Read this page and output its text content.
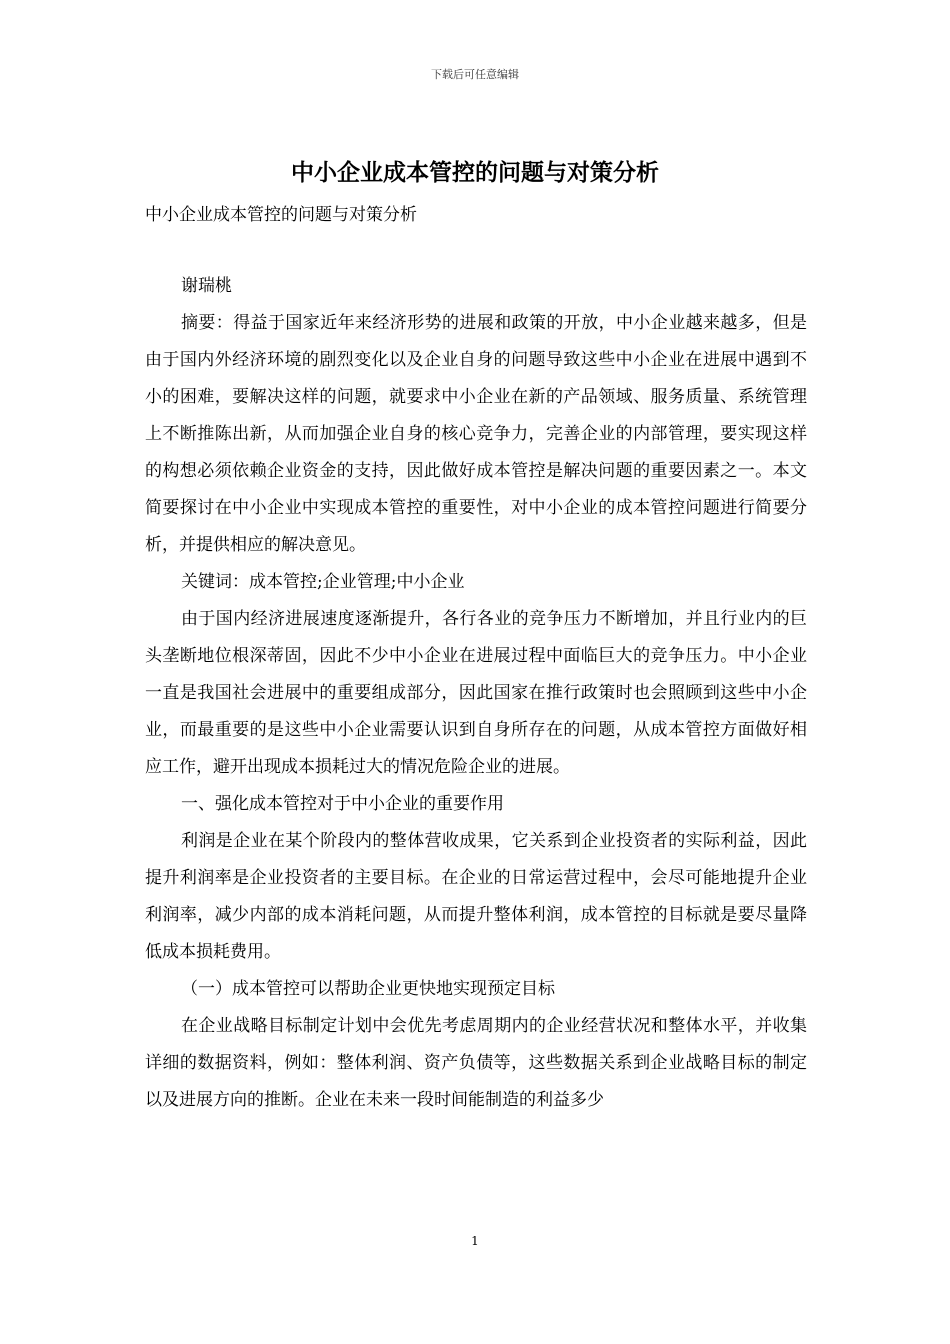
下载后可任意编辑
中小企业成本管控的问题与对策分析
中小企业成本管控的问题与对策分析

谢瑞桃

摘要：得益于国家近年来经济形势的进展和政策的开放，中小企业越来越多，但是由于国内外经济环境的剧烈变化以及企业自身的问题导致这些中小企业在进展中遇到不小的困难，要解决这样的问题，就要求中小企业在新的产品领域、服务质量、系统管理上不断推陈出新，从而加强企业自身的核心竞争力，完善企业的内部管理，要实现这样的构想必须依赖企业资金的支持，因此做好成本管控是解决问题的重要因素之一。本文简要探讨在中小企业中实现成本管控的重要性，对中小企业的成本管控问题进行简要分析，并提供相应的解决意见。

关键词：成本管控;企业管理;中小企业

由于国内经济进展速度逐渐提升，各行各业的竞争压力不断增加，并且行业内的巨头垄断地位根深蒂固，因此不少中小企业在进展过程中面临巨大的竞争压力。中小企业一直是我国社会进展中的重要组成部分，因此国家在推行政策时也会照顾到这些中小企业，而最重要的是这些中小企业需要认识到自身所存在的问题，从成本管控方面做好相应工作，避开出现成本损耗过大的情况危险企业的进展。

一、强化成本管控对于中小企业的重要作用

利润是企业在某个阶段内的整体营收成果，它关系到企业投资者的实际利益，因此提升利润率是企业投资者的主要目标。在企业的日常运营过程中，会尽可能地提升企业利润率，减少内部的成本消耗问题，从而提升整体利润，成本管控的目标就是要尽量降低成本损耗费用。

（一）成本管控可以帮助企业更快地实现预定目标

在企业战略目标制定计划中会优先考虑周期内的企业经营状况和整体水平，并收集详细的数据资料，例如：整体利润、资产负债等，这些数据关系到企业战略目标的制定以及进展方向的推断。企业在未来一段时间能制造的利益多少

1
